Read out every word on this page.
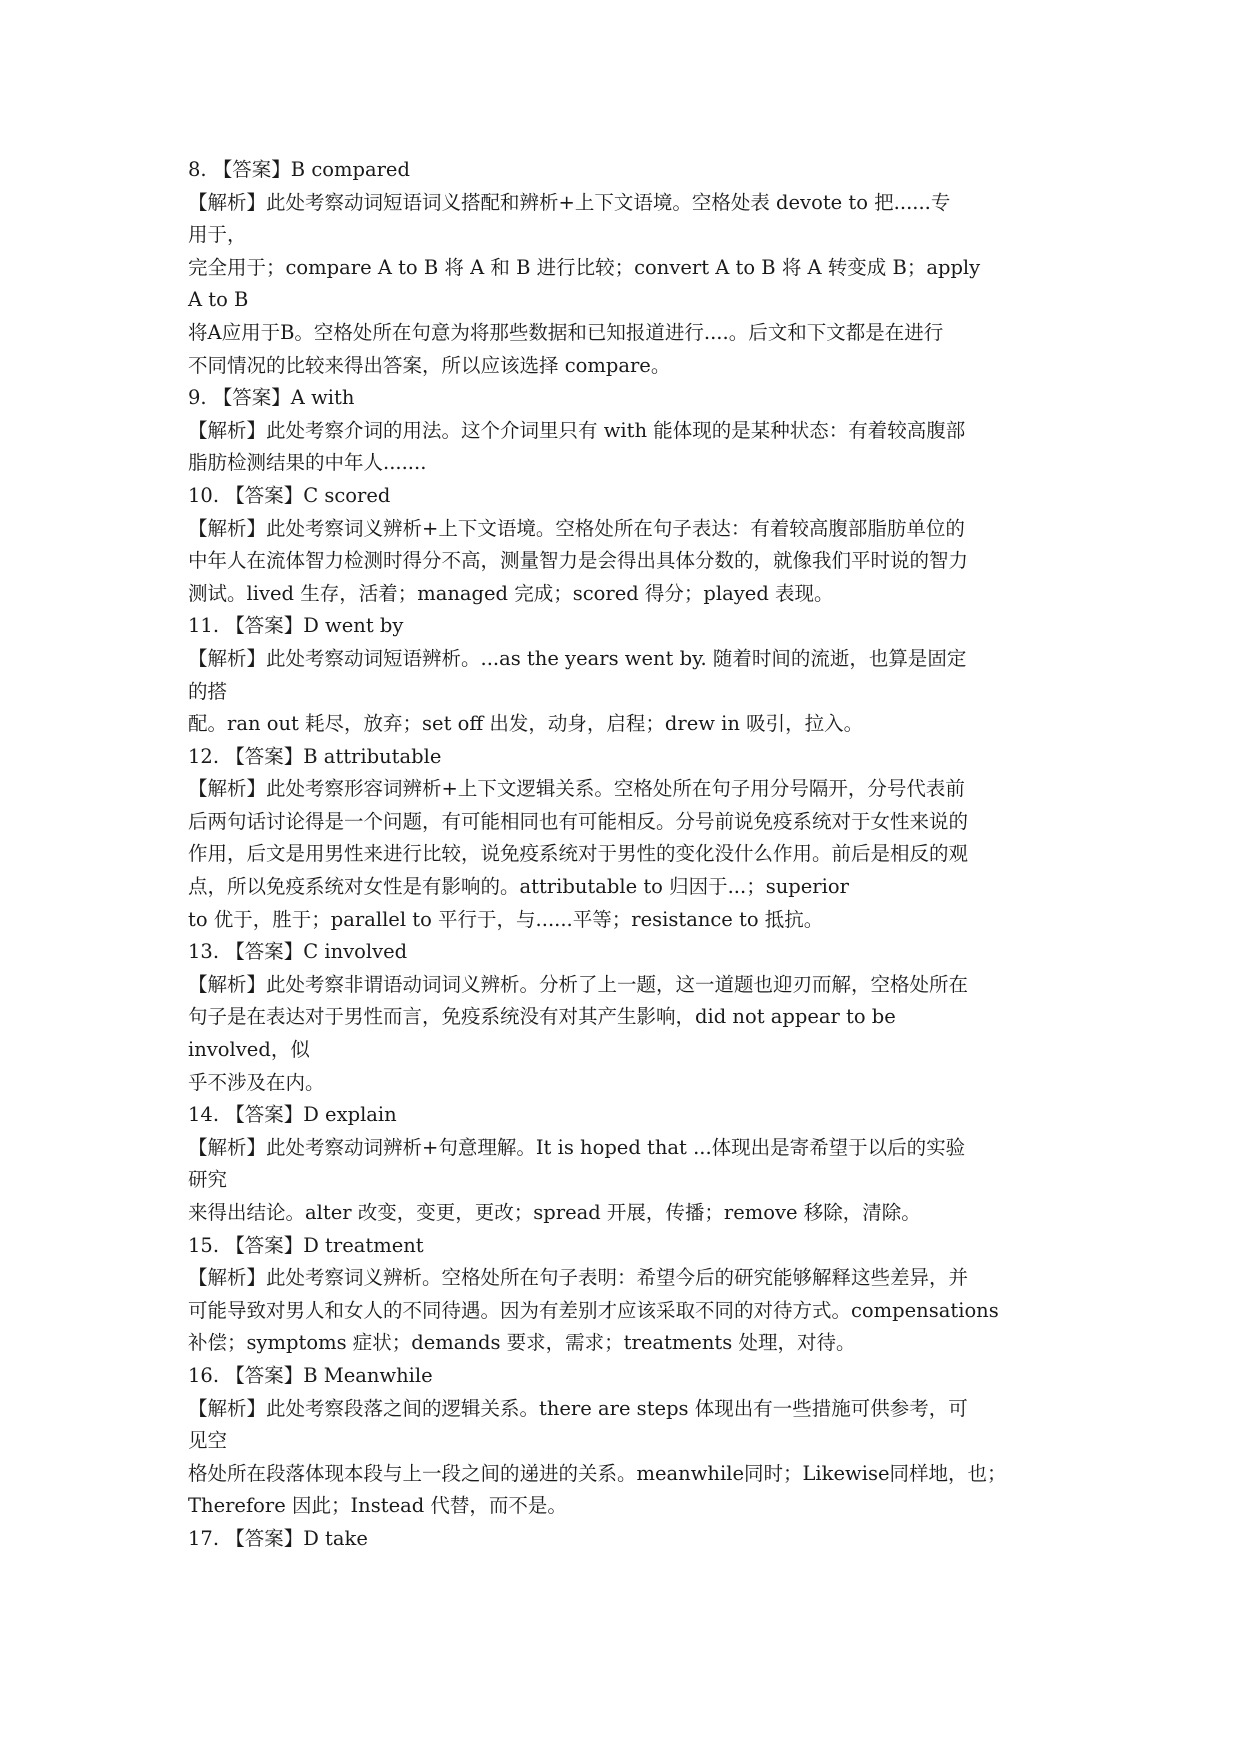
8. 【答案】B compared
【解析】此处考察动词短语词义搭配和辨析+上下文语境。空格处表 devote to 把......专
用于，
完全用于；compare A to B 将 A 和 B 进行比较；convert A to B 将 A 转变成 B；apply
A to B
将A应用于B。空格处所在句意为将那些数据和已知报道进行....。后文和下文都是在进行
不同情况的比较来得出答案，所以应该选择 compare。
9. 【答案】A with
【解析】此处考察介词的用法。这个介词里只有 with 能体现的是某种状态：有着较高腹部
脂肪检测结果的中年人.......
10. 【答案】C scored
【解析】此处考察词义辨析+上下文语境。空格处所在句子表达：有着较高腹部脂肪单位的
中年人在流体智力检测时得分不高，测量智力是会得出具体分数的，就像我们平时说的智力
测试。lived 生存，活着；managed 完成；scored 得分；played 表现。
11. 【答案】D went by
【解析】此处考察动词短语辨析。...as the years went by. 随着时间的流逝，也算是固定
的搭
配。ran out 耗尽，放弃；set off 出发，动身，启程；drew in 吸引，拉入。
12. 【答案】B attributable
【解析】此处考察形容词辨析+上下文逻辑关系。空格处所在句子用分号隔开，分号代表前
后两句话讨论得是一个问题，有可能相同也有可能相反。分号前说免疫系统对于女性来说的
作用，后文是用男性来进行比较，说免疫系统对于男性的变化没什么作用。前后是相反的观
点，所以免疫系统对女性是有影响的。attributable to 归因于...；superior
to 优于，胜于；parallel to 平行于，与......平等；resistance to 抵抗。
13. 【答案】C involved
【解析】此处考察非谓语动词词义辨析。分析了上一题，这一道题也迎刃而解，空格处所在
句子是在表达对于男性而言，免疫系统没有对其产生影响，did not appear to be
involved，似
乎不涉及在内。
14. 【答案】D explain
【解析】此处考察动词辨析+句意理解。It is hoped that ...体现出是寄希望于以后的实验
研究
来得出结论。alter 改变，变更，更改；spread 开展，传播；remove 移除，清除。
15. 【答案】D treatment
【解析】此处考察词义辨析。空格处所在句子表明：希望今后的研究能够解释这些差异，并
可能导致对男人和女人的不同待遇。因为有差别才应该采取不同的对待方式。compensations
补偿；symptoms 症状；demands 要求，需求；treatments 处理，对待。
16. 【答案】B Meanwhile
【解析】此处考察段落之间的逻辑关系。there are steps 体现出有一些措施可供参考，可
见空
格处所在段落体现本段与上一段之间的递进的关系。meanwhile同时；Likewise同样地，也；
Therefore 因此；Instead 代替，而不是。
17. 【答案】D take
